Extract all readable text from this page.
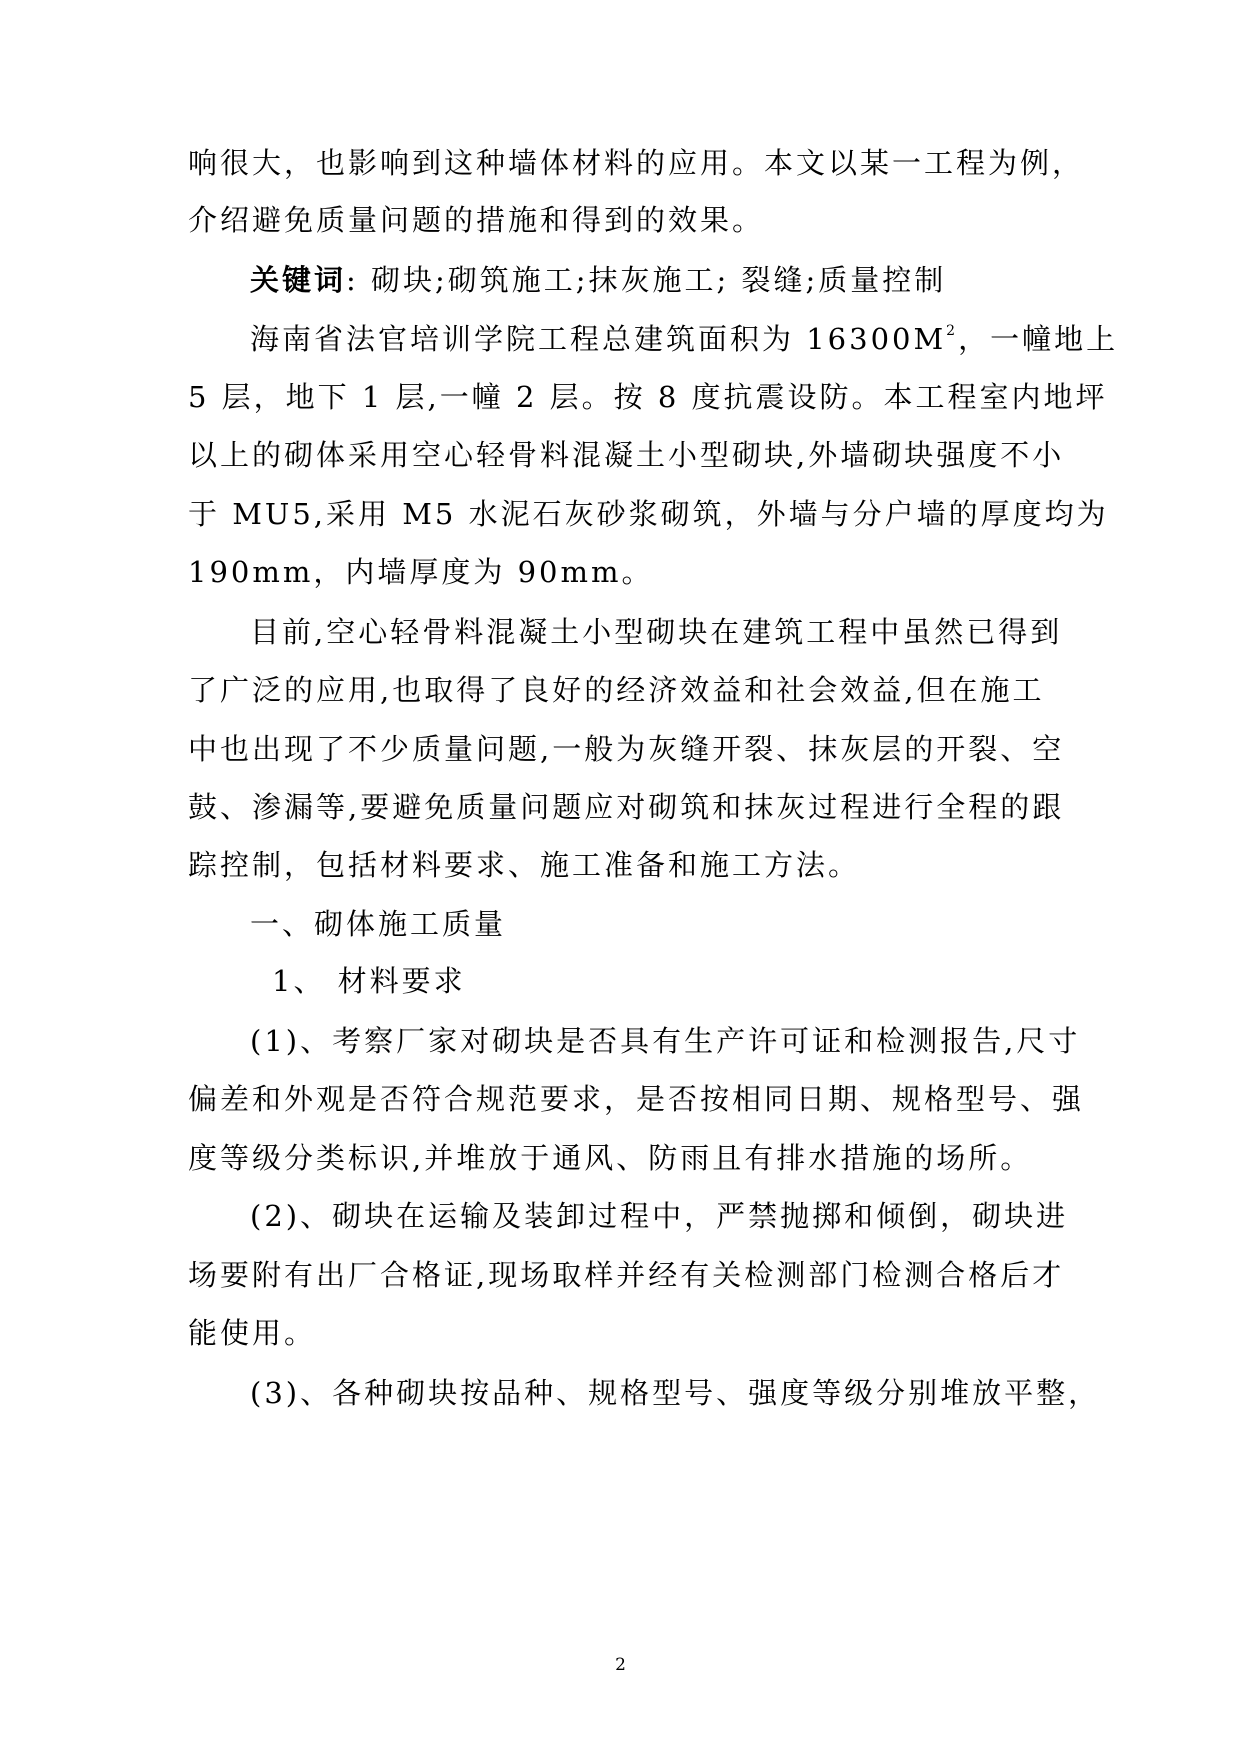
响很大，也影响到这种墙体材料的应用。本文以某一工程为例，
介绍避免质量问题的措施和得到的效果。
关键词: 砌块;砌筑施工;抹灰施工; 裂缝;质量控制
海南省法官培训学院工程总建筑面积为 $16300M^2$，一幢地上
5 层，地下 1 层,一幢 2 层。按 8 度抗震设防。本工程室内地坪
以上的砌体采用空心轻骨料混凝土小型砌块,外墙砌块强度不小
于 MU5,采用 M5 水泥石灰砂浆砌筑，外墙与分户墙的厚度均为
190mm，内墙厚度为 90mm。
目前,空心轻骨料混凝土小型砌块在建筑工程中虽然已得到
了广泛的应用,也取得了良好的经济效益和社会效益,但在施工
中也出现了不少质量问题,一般为灰缝开裂、抹灰层的开裂、空
鼓、渗漏等,要避免质量问题应对砌筑和抹灰过程进行全程的跟
踪控制，包括材料要求、施工准备和施工方法。
一、砌体施工质量
1、 材料要求
(1)、考察厂家对砌块是否具有生产许可证和检测报告,尺寸
偏差和外观是否符合规范要求，是否按相同日期、规格型号、强
度等级分类标识,并堆放于通风、防雨且有排水措施的场所。
(2)、砌块在运输及装卸过程中，严禁抛掷和倾倒，砌块进
场要附有出厂合格证,现场取样并经有关检测部门检测合格后才
能使用。
(3)、各种砌块按品种、规格型号、强度等级分别堆放平整，
2
